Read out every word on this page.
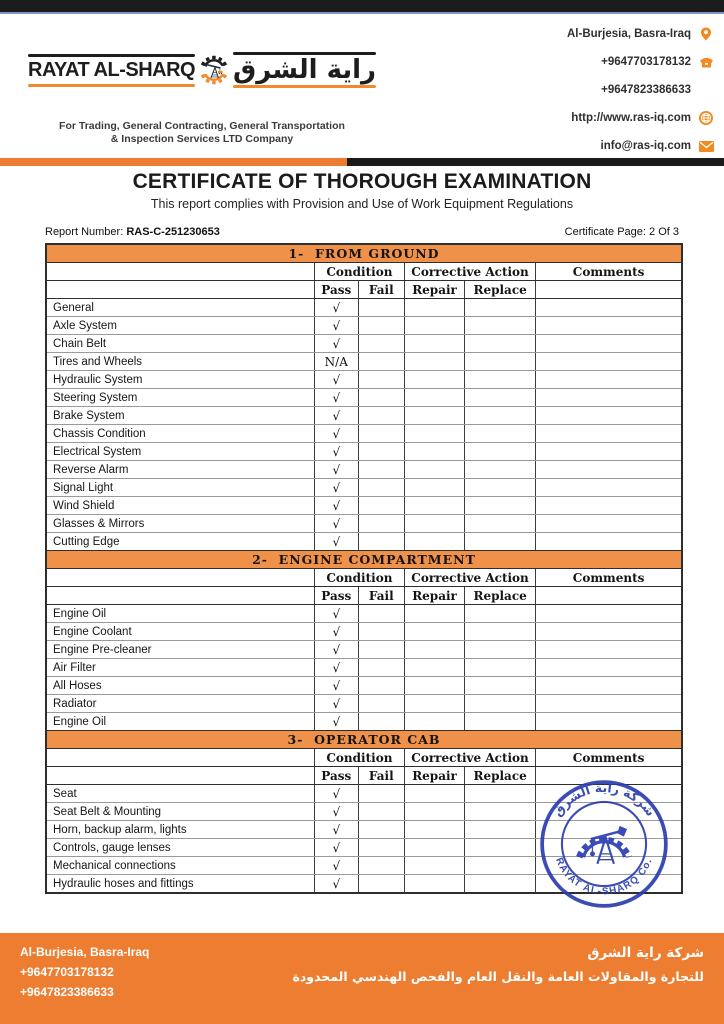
RAYAT AL-SHARQ راية الشرق
For Trading, General Contracting, General Transportation
& Inspection Services LTD Company
Al-Burjesia, Basra-Iraq
+9647703178132
+9647823386633
http://www.ras-iq.com
info@ras-iq.com
CERTIFICATE OF THOROUGH EXAMINATION
This report complies with Provision and Use of Work Equipment Regulations
Report Number: RAS-C-251230653	Certificate Page: 2 Of 3
1-  FROM GROUND
Condition	Corrective Action	Comments
Pass	Fail	Repair	Replace
General	√
Axle System	√
Chain Belt	√
Tires and Wheels	N/A
Hydraulic System	√
Steering System	√
Brake System	√
Chassis Condition	√
Electrical System	√
Reverse Alarm	√
Signal Light	√
Wind Shield	√
Glasses & Mirrors	√
Cutting Edge	√
2-  ENGINE COMPARTMENT
Condition	Corrective Action	Comments
Pass	Fail	Repair	Replace
Engine Oil	√
Engine Coolant	√
Engine Pre-cleaner	√
Air Filter	√
All Hoses	√
Radiator	√
Engine Oil	√
3-  OPERATOR CAB
Condition	Corrective Action	Comments
Pass	Fail	Repair	Replace
Seat	√
Seat Belt & Mounting	√
Horn, backup alarm, lights	√
Controls, gauge lenses	√
Mechanical connections	√
Hydraulic hoses and fittings	√
شركة راية الشرق
RAYAT AL-SHARQ Co.
Al-Burjesia, Basra-Iraq
+9647703178132
+9647823386633
شركة راية الشرق
للتجارة والمقاولات العامة والنقل العام والفحص الهندسي المحدودة
